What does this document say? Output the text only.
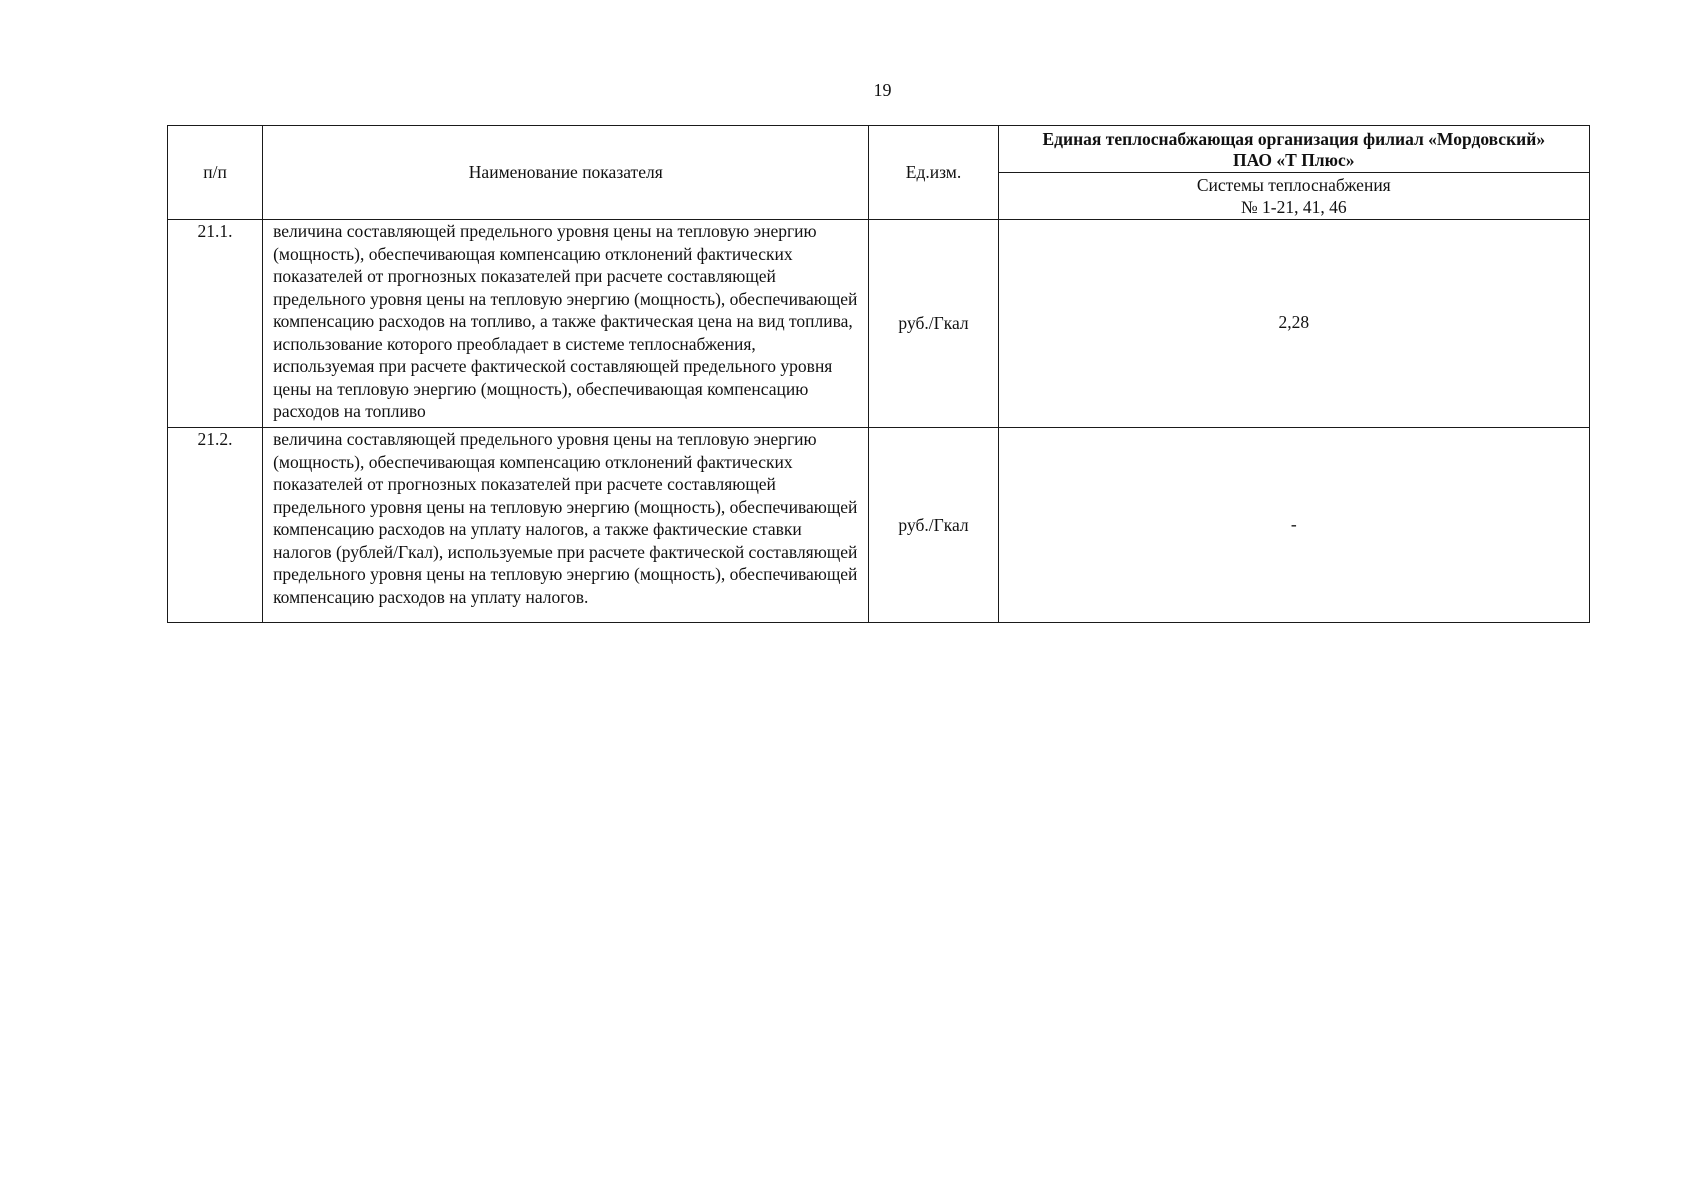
19
п/п	Наименование показателя	Ед.изм.	Единая теплоснабжающая организация филиал «Мордовский»
ПАО «Т Плюс»

			Системы теплоснабжения
№ 1-21, 41, 46

21.1.	величина составляющей предельного уровня цены на тепловую энергию (мощность), обеспечивающая компенсацию отклонений фактических показателей от прогнозных показателей при расчете составляющей предельного уровня цены на тепловую энергию (мощность), обеспечивающей компенсацию расходов на топливо, а также фактическая цена на вид топлива, использование которого преобладает в системе теплоснабжения, используемая при расчете фактической составляющей предельного уровня цены на тепловую энергию (мощность), обеспечивающая компенсацию расходов на топливо	руб./Гкал	2,28
21.2.	величина составляющей предельного уровня цены на тепловую энергию (мощность), обеспечивающая компенсацию отклонений фактических показателей от прогнозных показателей при расчете составляющей предельного уровня цены на тепловую энергию (мощность), обеспечивающей компенсацию расходов на уплату налогов, а также фактические ставки налогов (рублей/Гкал), используемые при расчете фактической составляющей предельного уровня цены на тепловую энергию (мощность), обеспечивающей компенсацию расходов на уплату налогов.	руб./Гкал	-
